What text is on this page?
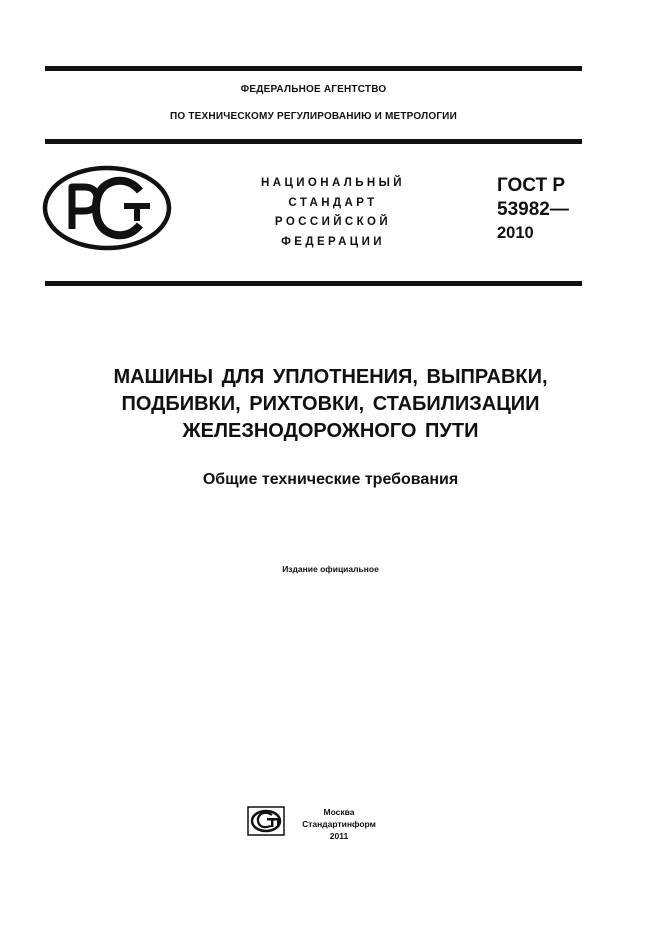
ФЕДЕРАЛЬНОЕ АГЕНТСТВО
ПО ТЕХНИЧЕСКОМУ РЕГУЛИРОВАНИЮ И МЕТРОЛОГИИ
НАЦИОНАЛЬНЫЙ
СТАНДАРТ
РОССИЙСКОЙ
ФЕДЕРАЦИИ
ГОСТ Р
53982—
2010
МАШИНЫ ДЛЯ УПЛОТНЕНИЯ, ВЫПРАВКИ,
ПОДБИВКИ, РИХТОВКИ, СТАБИЛИЗАЦИИ
ЖЕЛЕЗНОДОРОЖНОГО ПУТИ
Общие технические требования
Издание официальное
Москва
Стандартинформ
2011
